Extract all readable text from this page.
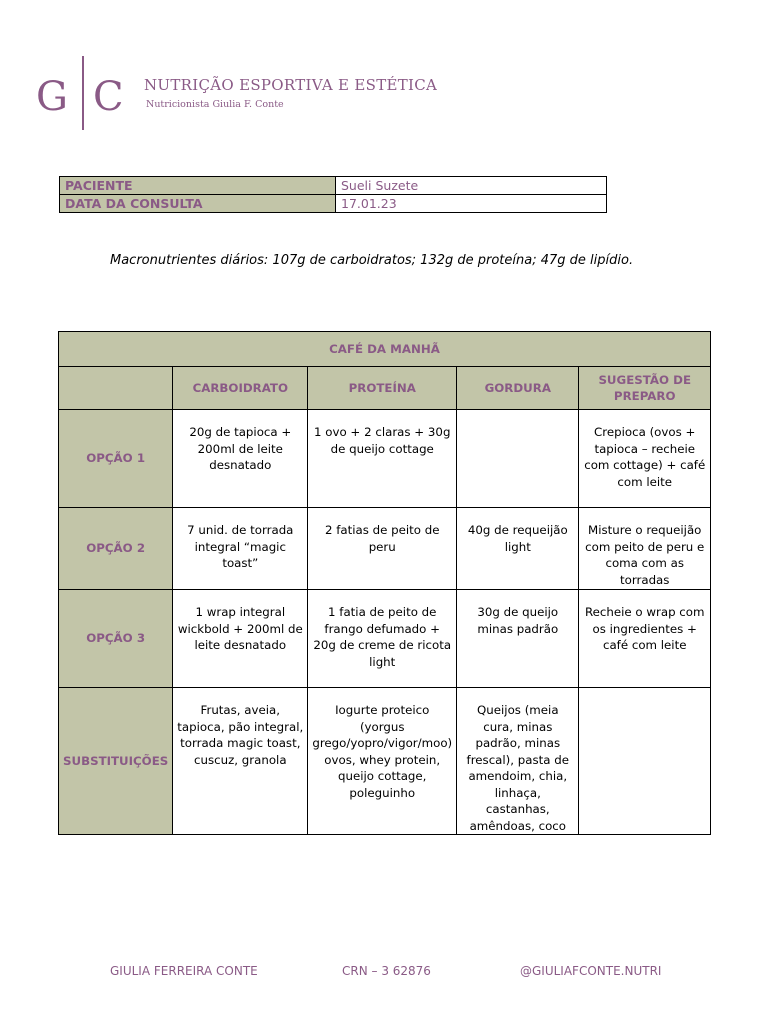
G C NUTRIÇÃO ESPORTIVA E ESTÉTICA
Nutricionista Giulia F. Conte
PACIENTE	Sueli Suzete
DATA DA CONSULTA	17.01.23
Macronutrientes diários: 107g de carboidratos; 132g de proteína; 47g de lipídio.
CAFÉ DA MANHÃ				
	CARBOIDRATO	PROTEÍNA	GORDURA	SUGESTÃO DE PREPARO
OPÇÃO 1	20g de tapioca + 200ml de leite desnatado	1 ovo + 2 claras + 30g de queijo cottage		Crepioca (ovos + tapioca – recheie com cottage) + café com leite
OPÇÃO 2	7 unid. de torrada integral “magic toast”	2 fatias de peito de peru	40g de requeijão light	Misture o requeijão com peito de peru e coma com as torradas
OPÇÃO 3	1 wrap integral wickbold + 200ml de leite desnatado	1 fatia de peito de frango defumado + 20g de creme de ricota light	30g de queijo minas padrão	Recheie o wrap com os ingredientes + café com leite
SUBSTITUIÇÕES	Frutas, aveia, tapioca, pão integral, torrada magic toast, cuscuz, granola	Iogurte proteico (yorgus grego/yopro/vigor/moo) ovos, whey protein, queijo cottage, poleguinho	Queijos (meia cura, minas padrão, minas frescal), pasta de amendoim, chia, linhaça, castanhas, amêndoas, coco	
GIULIA FERREIRA CONTE	CRN – 3 62876	@GIULIAFCONTE.NUTRI
